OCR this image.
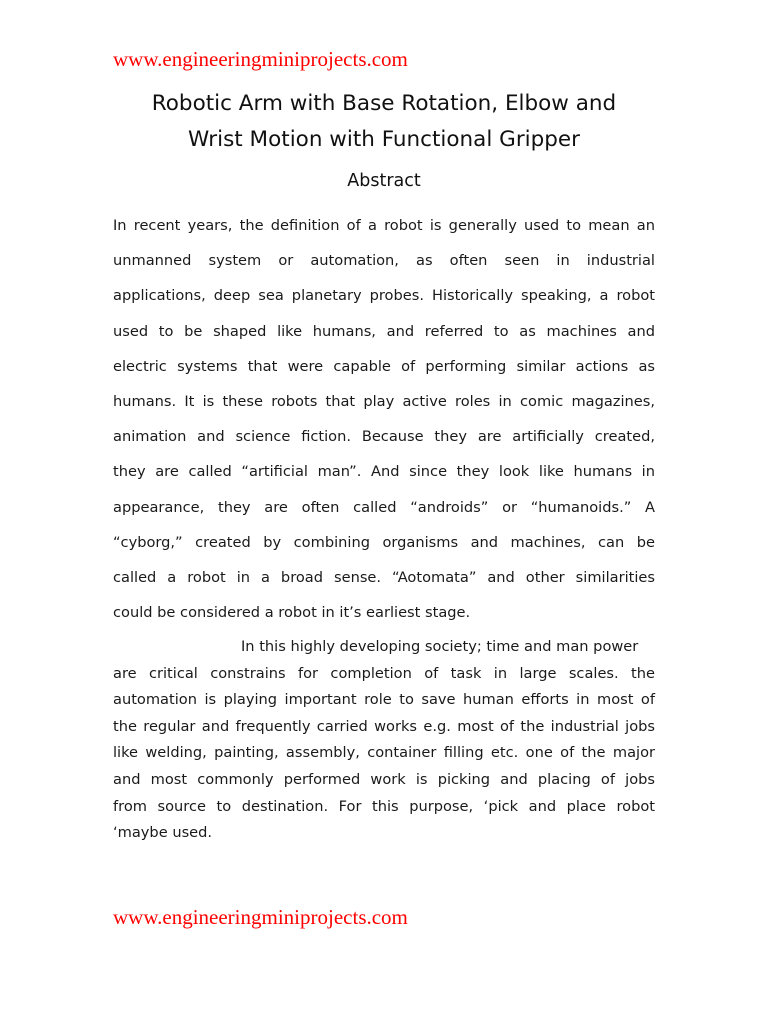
www.engineeringminiprojects.com
Robotic Arm with Base Rotation, Elbow and
Wrist Motion with Functional Gripper
Abstract
In recent years, the definition of a robot is generally used to mean an
unmanned system or automation, as often seen in industrial
applications, deep sea planetary probes. Historically speaking, a robot
used to be shaped like humans, and referred to as machines and
electric systems that were capable of performing similar actions as
humans. It is these robots that play active roles in comic magazines,
animation and science fiction. Because they are artificially created,
they are called “artificial man”. And since they look like humans in
appearance, they are often called “androids” or “humanoids.” A
“cyborg,” created by combining organisms and machines, can be
called a robot in a broad sense. “Aotomata” and other similarities
could be considered a robot in it’s earliest stage.
In this highly developing society; time and man power
are critical constrains for completion of task in large scales. the
automation is playing important role to save human efforts in most of
the regular and frequently carried works e.g. most of the industrial jobs
like welding, painting, assembly, container filling etc. one of the major
and most commonly performed work is picking and placing of jobs
from source to destination. For this purpose, ‘pick and place robot
‘maybe used.
www.engineeringminiprojects.com
